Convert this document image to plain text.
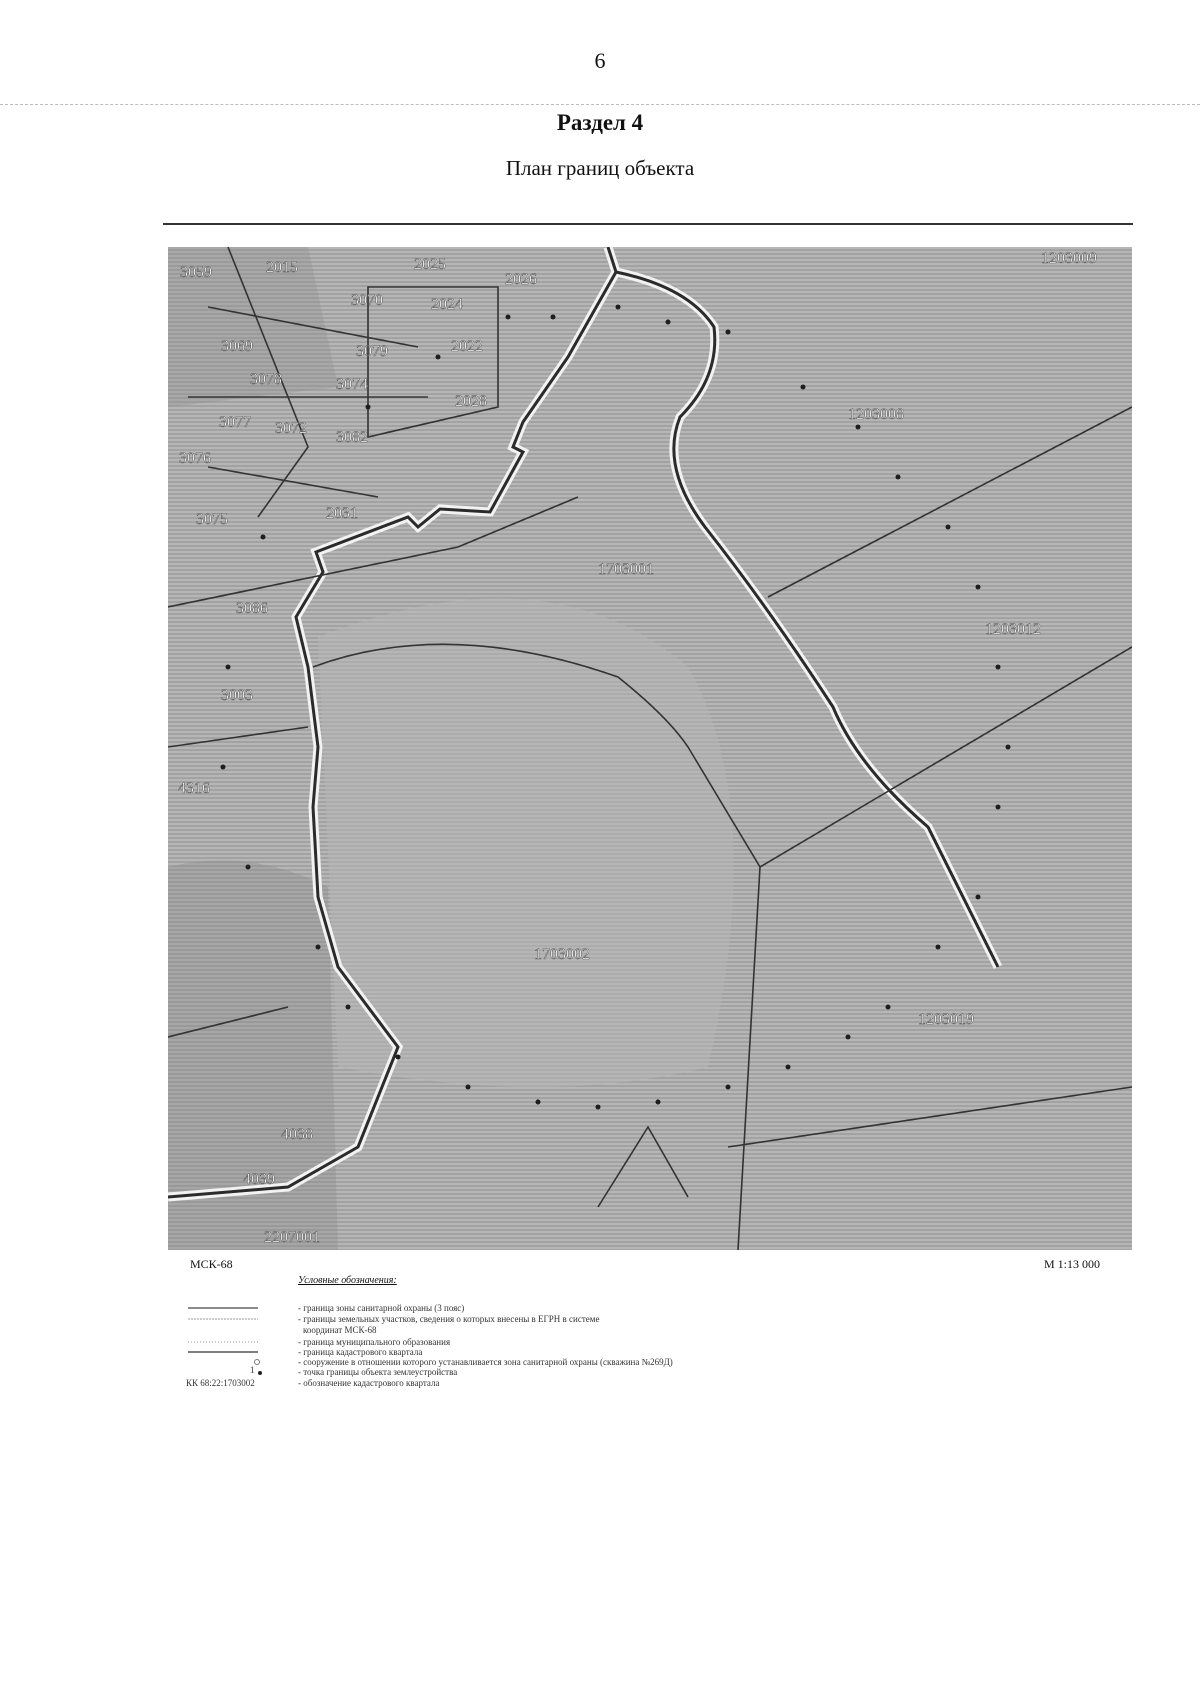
6
Раздел 4
План границ объекта
3059	2015	2025
2026
3070	2024
3069	3079	2022
3078	3074
2028
3077 3072
3082
3076
3075	2031
1703001
3086
3003
4316
1703002
4038
4039
2207001
1203009
1203008
1203012
1203019
МСК-68	М 1:13 000
Условные обозначения:
- граница зоны санитарной охраны (3 пояс)
- границы земельных участков, сведения о которых внесены в ЕГРН в системе
координат МСК-68
- граница муниципального образования
- граница кадастрового квартала
- сооружение в отношении которого устанавливается зона санитарной охраны (скважина №269Д)
1	- точка границы объекта землеустройства
КК 68:22:1703002	- обозначение кадастрового квартала
